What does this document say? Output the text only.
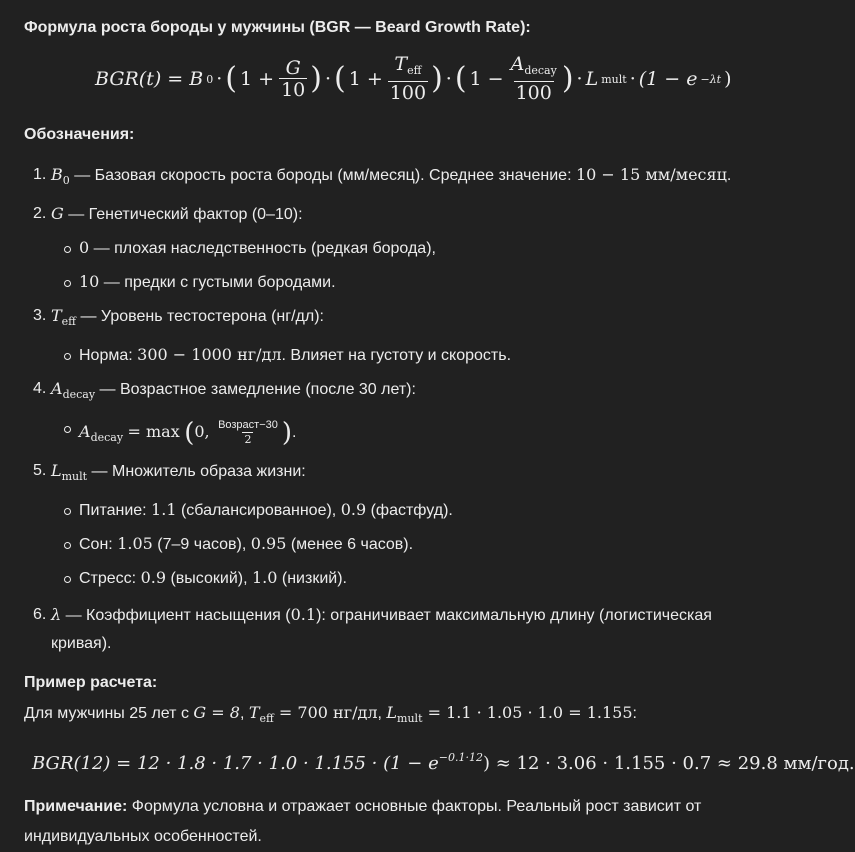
Формула роста бороды у мужчины (BGR — Beard Growth Rate):
BGR(t) = B 0 · ( $1 + \frac{G}{10}$ ) · ( $1 + \frac{T_{eff}}{100}$ ) · ( $1 - \frac{A_{decay}}{100}$ ) · L mult · (1 − e −λt )
Обозначения:
1. $B_0$ — Базовая скорость роста бороды (мм/месяц). Среднее значение: 10 − 15 мм/месяц.
2. G — Генетический фактор (0–10):
0 — плохая наследственность (редкая борода),
10 — предки с густыми бородами.
3. $T_{eff}$ — Уровень тестостерона (нг/дл):
Норма: 300 − 1000 нг/дл. Влияет на густоту и скорость.
4. $A_{decay}$ — Возрастное замедление (после 30 лет):
$A_{decay} = \max (0$, $\frac{\text{Возраст−30}}{2}$ ).
5. $L_{mult}$ — Множитель образа жизни:
Питание: 1.1 (сбалансированное), 0.9 (фастфуд).
Сон: 1.05 (7–9 часов), 0.95 (менее 6 часов).
Стресс: 0.9 (высокий), 1.0 (низкий).
6. λ — Коэффициент насыщения (0.1): ограничивает максимальную длину (логистическая
кривая).
Пример расчета:
Для мужчины 25 лет с G = 8, $T_{eff} = 700$ нг/дл, $L_{mult} = 1.1 \cdot 1.05 \cdot 1.0 = 1.155$:
$BGR(12) = 12 \cdot 1.8 \cdot 1.7 \cdot 1.0 \cdot 1.155 \cdot (1 - e^{-0.1\cdot 12}) \approx 12 \cdot 3.06 \cdot 1.155 \cdot 0.7 \approx 29.8$ мм/год.
Примечание: Формула условна и отражает основные факторы. Реальный рост зависит от
индивидуальных особенностей.
